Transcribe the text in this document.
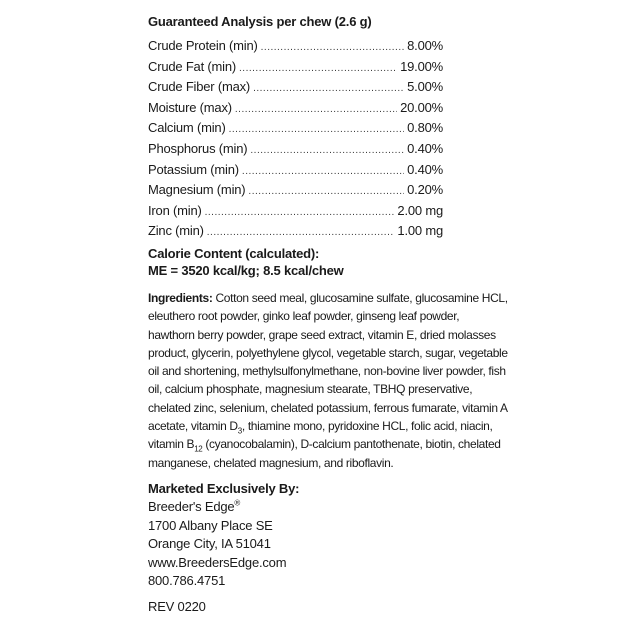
Guaranteed Analysis per chew (2.6 g)
Crude Protein (min) .....	8.00%
Crude Fat (min) .....	19.00%
Crude Fiber (max) .....	5.00%
Moisture (max) .....	20.00%
Calcium (min) .....	0.80%
Phosphorus (min) .....	0.40%
Potassium (min) .....	0.40%
Magnesium (min) .....	0.20%
Iron (min) .....	2.00 mg
Zinc (min) .....	1.00 mg
Calorie Content (calculated):
ME = 3520 kcal/kg; 8.5 kcal/chew
Ingredients: Cotton seed meal, glucosamine sulfate, glucosamine HCL, eleuthero root powder, ginko leaf powder, ginseng leaf powder, hawthorn berry powder, grape seed extract, vitamin E, dried molasses product, glycerin, polyethylene glycol, vegetable starch, sugar, vegetable oil and shortening, methylsulfonylmethane, non-bovine liver powder, fish oil, calcium phosphate, magnesium stearate, TBHQ preservative, chelated zinc, selenium, chelated potassium, ferrous fumarate, vitamin A acetate, vitamin $D_3$, thiamine mono, pyridoxine HCL, folic acid, niacin, vitamin $B_{12}$ (cyanocobalamin), D-calcium pantothenate, biotin, chelated manganese, chelated magnesium, and riboflavin.
Marketed Exclusively By:
Breeder's Edge®
1700 Albany Place SE
Orange City, IA 51041
www.BreedersEdge.com
800.786.4751
REV 0220
